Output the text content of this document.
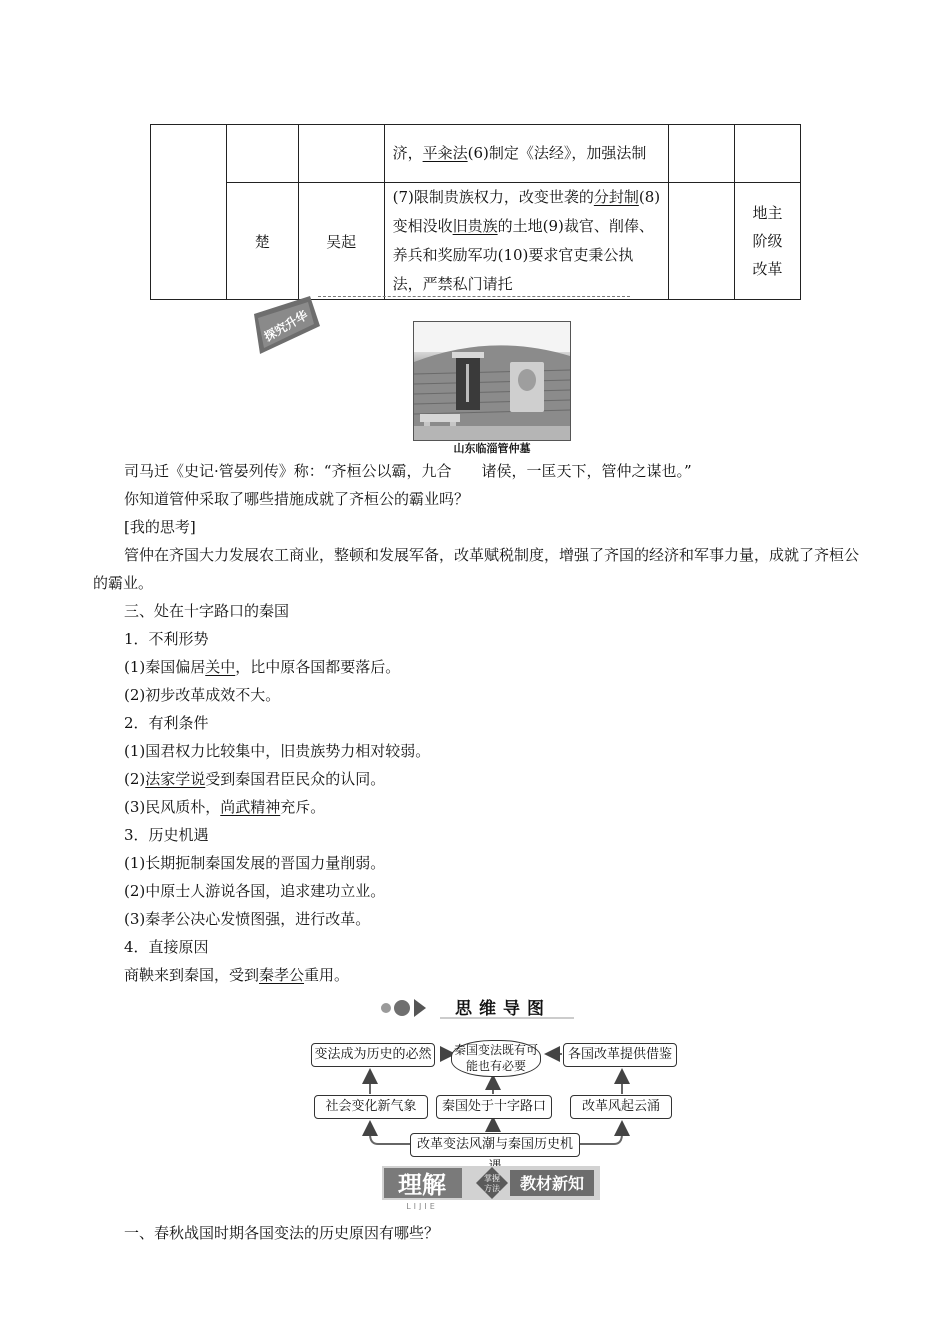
			济，平籴法(6)制定《法经》，加强法制		
	楚	吴起	(7)限制贵族权力，改变世袭的分封制(8)变相没收旧贵族的土地(9)裁官、削俸、养兵和奖励军功(10)要求官吏秉公执法，严禁私门请托		地主阶级改革
探究升华
山东临淄管仲墓
司马迁《史记·管晏列传》称：“齐桓公以霸，九合　　诸侯，一匡天下，管仲之谋也。”
你知道管仲采取了哪些措施成就了齐桓公的霸业吗？
[我的思考]
管仲在齐国大力发展农工商业，整顿和发展军备，改革赋税制度，增强了齐国的经济和军事力量，成就了齐桓公的霸业。
三、处在十字路口的秦国
1．不利形势
(1)秦国偏居关中，比中原各国都要落后。
(2)初步改革成效不大。
2．有利条件
(1)国君权力比较集中，旧贵族势力相对较弱。
(2)法家学说受到秦国君臣民众的认同。
(3)民风质朴，尚武精神充斥。
3．历史机遇
(1)长期扼制秦国发展的晋国力量削弱。
(2)中原士人游说各国，追求建功立业。
(3)秦孝公决心发愤图强，进行改革。
4．直接原因
商鞅来到秦国，受到秦孝公重用。
思维导图
变法成为历史的必然 秦国变法既有可能也有必要
各国改革提供借鉴
社会变化新气象	秦国处于十字路口	改革风起云涌
改革变法风潮与秦国历史机
理解	掌握
方法 教材新知
LIJIE
一、春秋战国时期各国变法的历史原因有哪些？
